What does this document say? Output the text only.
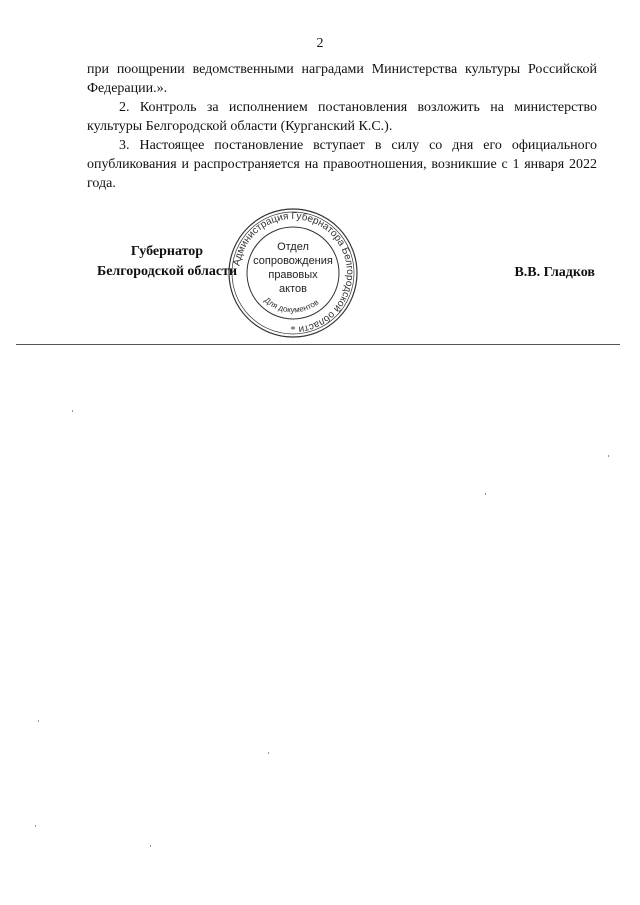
2

при поощрении ведомственными наградами Министерства культуры Российской Федерации.».

2. Контроль за исполнением постановления возложить на министерство культуры Белгородской области (Курганский К.С.).

3. Настоящее постановление вступает в силу со дня его официального опубликования и распространяется на правоотношения, возникшие с 1 января 2022 года.

Губернатор
Белгородской области
Администрация Губернатора Белгородской области
Для документов
*
Отдел
сопровождения
правовых
актов
В.В. Гладков
